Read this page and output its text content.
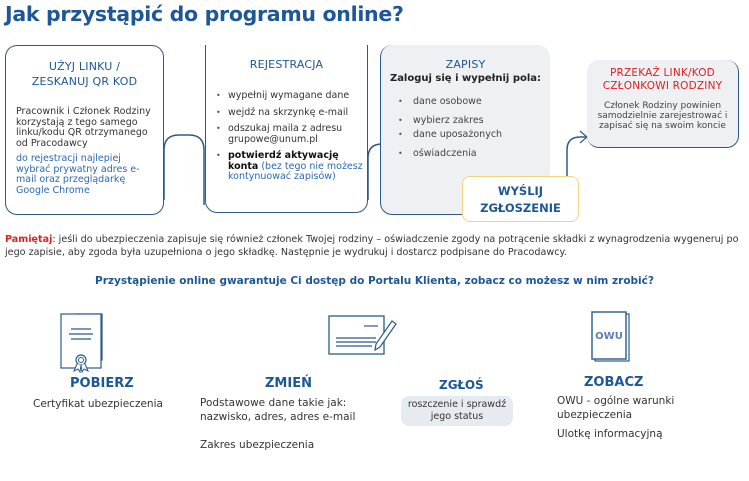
Jak przystąpić do programu online?
UŻYJ LINKU /
ZESKANUJ QR KOD
Pracownik i Członek Rodziny korzystają z tego samego linku/kodu QR otrzymanego od Pracodawcy
do rejestracji najlepiej wybrać prywatny adres e-mail oraz przeglądarkę Google Chrome
REJESTRACJA
• wypełnij wymagane dane
• wejdź na skrzynkę e-mail
• odszukaj maila z adresu grupowe@unum.pl
• potwierdź aktywację konta (bez tego nie możesz kontynuować zapisów)
ZAPISY
Zaloguj się i wypełnij pola:
• dane osobowe
• wybierz zakres
• dane uposażonych
• oświadczenia
WYŚLIJ
ZGŁOSZENIE
PRZEKAŻ LINK/KOD
CZŁONKOWI RODZINY
Członek Rodziny powinien samodzielnie zarejestrować i zapisać się na swoim koncie
Pamiętaj: jeśli do ubezpieczenia zapisuje się również członek Twojej rodziny – oświadczenie zgody na potrącenie składki z wynagrodzenia wygeneruj po jego zapisie, aby zgoda była uzupełniona o jego składkę. Następnie je wydrukuj i dostarcz podpisane do Pracodawcy.
Przystąpienie online gwarantuje Ci dostęp do Portalu Klienta, zobacz co możesz w nim zrobić?
POBIERZ
Certyfikat ubezpieczenia
ZMIEŃ
Podstawowe dane takie jak: nazwisko, adres, adres e-mail
Zakres ubezpieczenia
ZGŁOŚ
roszczenie i sprawdź jego status
OWU
ZOBACZ
OWU - ogólne warunki ubezpieczenia
Ulotkę informacyjną
